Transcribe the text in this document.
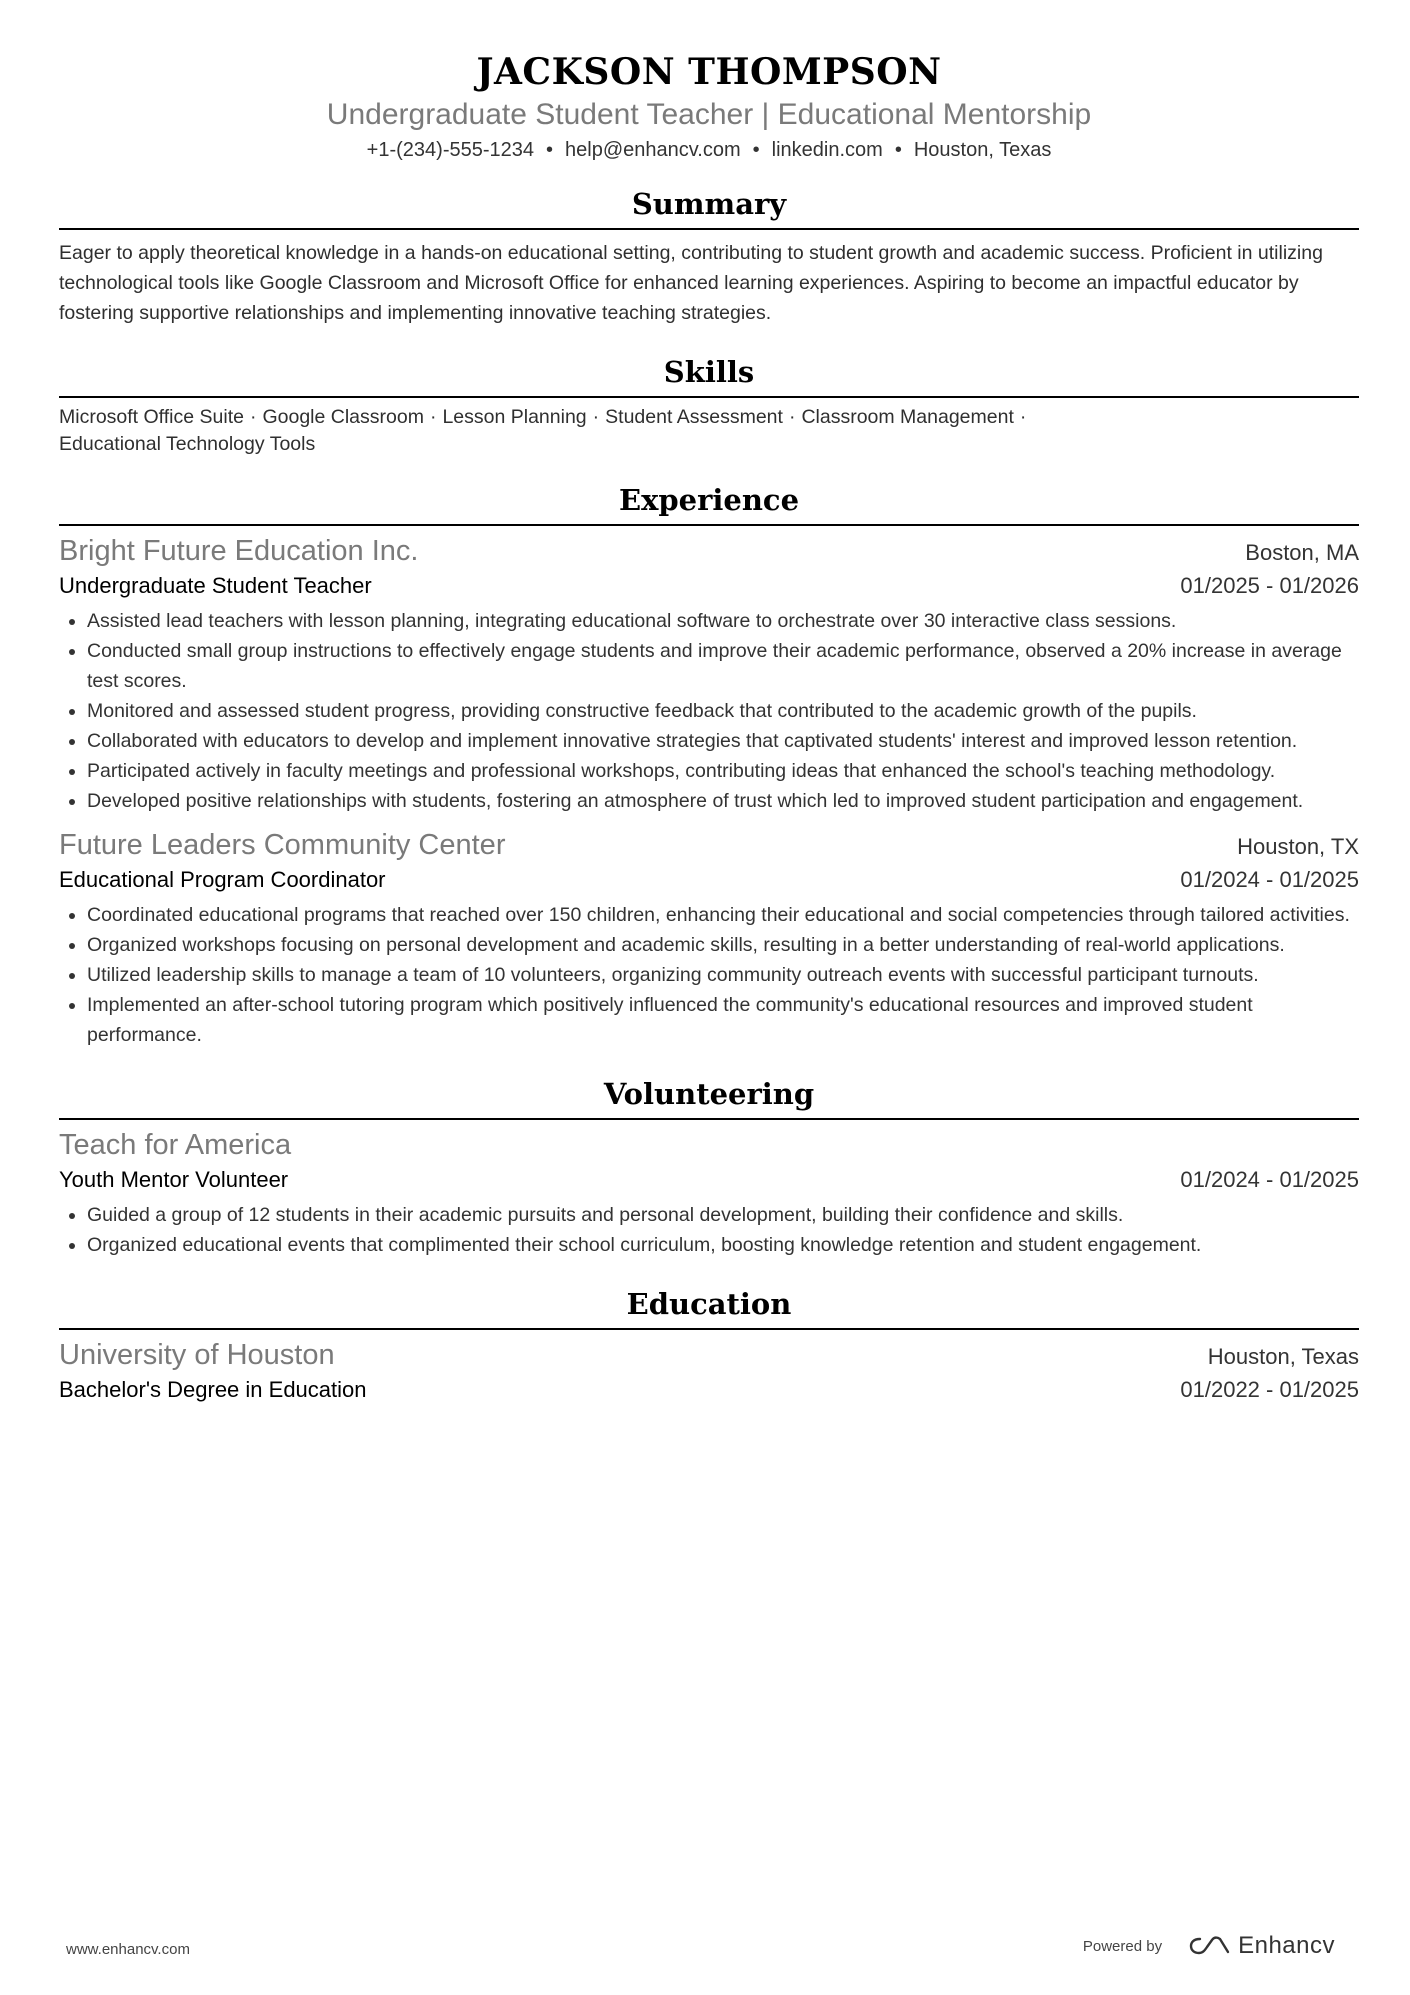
JACKSON THOMPSON
Undergraduate Student Teacher | Educational Mentorship
+1-(234)-555-1234 • help@enhancv.com • linkedin.com • Houston, Texas
Summary
Eager to apply theoretical knowledge in a hands-on educational setting, contributing to student growth and academic success. Proficient in utilizing technological tools like Google Classroom and Microsoft Office for enhanced learning experiences. Aspiring to become an impactful educator by fostering supportive relationships and implementing innovative teaching strategies.
Skills
Microsoft Office Suite · Google Classroom · Lesson Planning · Student Assessment · Classroom Management ·
Educational Technology Tools
Experience
Bright Future Education Inc.	Boston, MA
Undergraduate Student Teacher	01/2025 - 01/2026
• Assisted lead teachers with lesson planning, integrating educational software to orchestrate over 30 interactive class sessions.
• Conducted small group instructions to effectively engage students and improve their academic performance, observed a 20% increase in average test scores.
• Monitored and assessed student progress, providing constructive feedback that contributed to the academic growth of the pupils.
• Collaborated with educators to develop and implement innovative strategies that captivated students' interest and improved lesson retention.
• Participated actively in faculty meetings and professional workshops, contributing ideas that enhanced the school's teaching methodology.
• Developed positive relationships with students, fostering an atmosphere of trust which led to improved student participation and engagement.
Future Leaders Community Center	Houston, TX
Educational Program Coordinator	01/2024 - 01/2025
• Coordinated educational programs that reached over 150 children, enhancing their educational and social competencies through tailored activities.
• Organized workshops focusing on personal development and academic skills, resulting in a better understanding of real-world applications.
• Utilized leadership skills to manage a team of 10 volunteers, organizing community outreach events with successful participant turnouts.
• Implemented an after-school tutoring program which positively influenced the community's educational resources and improved student performance.
Volunteering
Teach for America
Youth Mentor Volunteer	01/2024 - 01/2025
• Guided a group of 12 students in their academic pursuits and personal development, building their confidence and skills.
• Organized educational events that complimented their school curriculum, boosting knowledge retention and student engagement.
Education
University of Houston	Houston, Texas
Bachelor's Degree in Education	01/2022 - 01/2025
www.enhancv.com	Powered by	Enhancv
